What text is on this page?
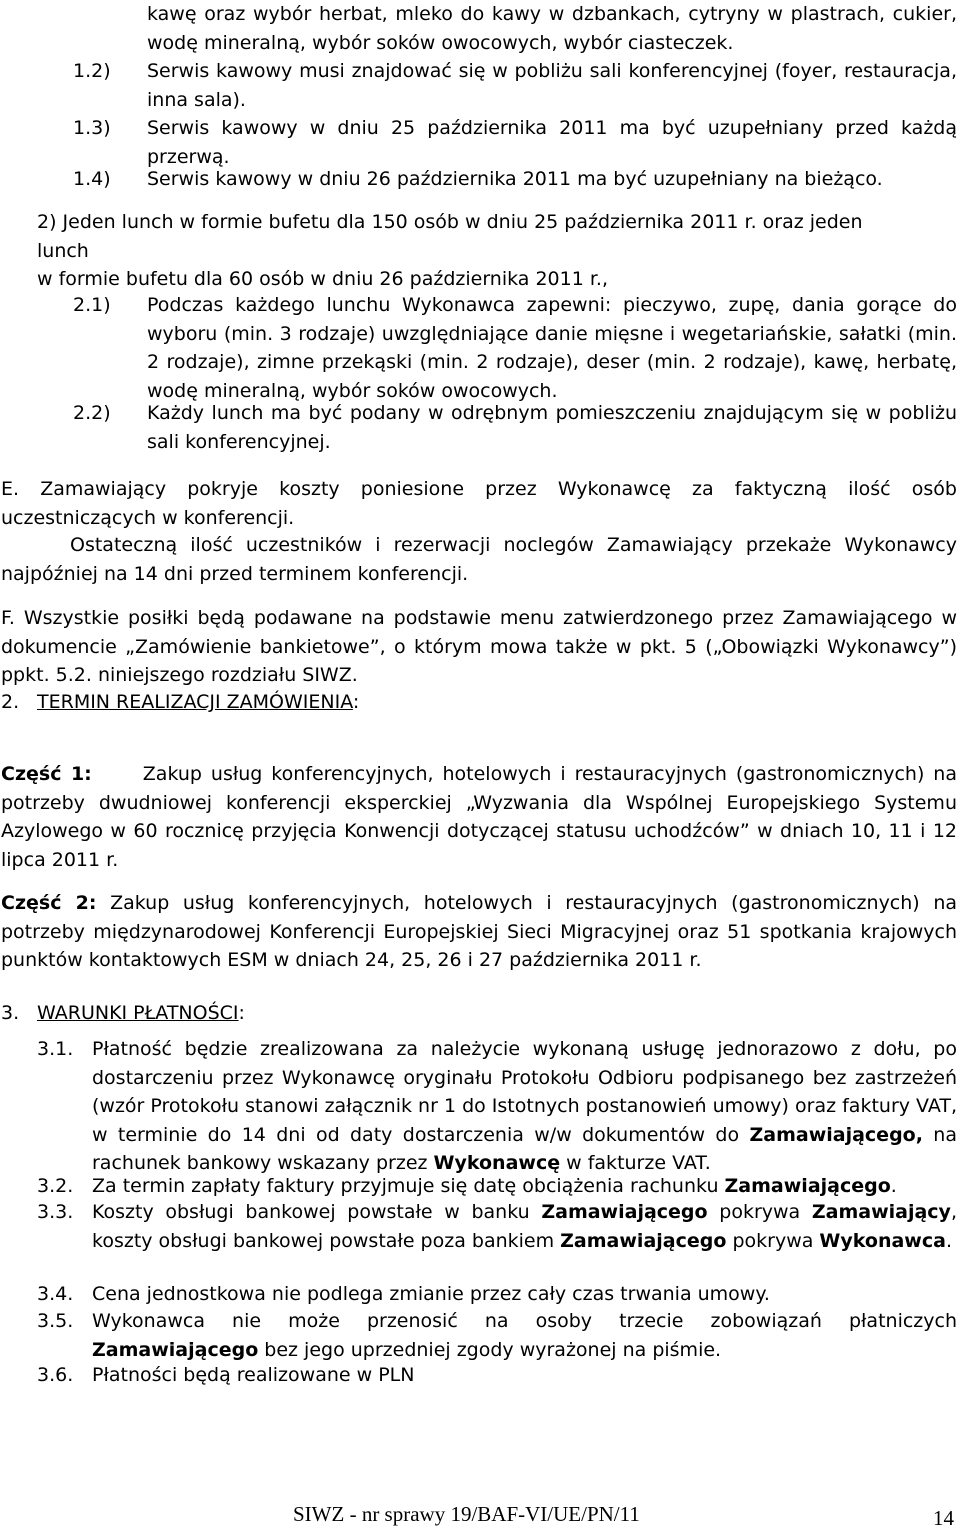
kawę oraz wybór herbat, mleko do kawy w dzbankach, cytryny w plastrach, cukier, wodę mineralną, wybór soków owocowych, wybór ciasteczek.
1.2) Serwis kawowy musi znajdować się w pobliżu sali konferencyjnej (foyer, restauracja, inna sala).
1.3) Serwis kawowy w dniu 25 października 2011 ma być uzupełniany przed każdą przerwą.
1.4) Serwis kawowy w dniu 26 października 2011 ma być uzupełniany na bieżąco.
2) Jeden lunch w formie bufetu dla 150 osób w dniu 25 października 2011 r. oraz jeden
lunch
w formie bufetu dla 60 osób w dniu 26 października 2011 r.,
2.1) Podczas każdego lunchu Wykonawca zapewni: pieczywo, zupę, dania gorące do wyboru (min. 3 rodzaje) uwzględniające danie mięsne i wegetariańskie, sałatki (min. 2 rodzaje), zimne przekąski (min. 2 rodzaje), deser (min. 2 rodzaje), kawę, herbatę, wodę mineralną, wybór soków owocowych.
2.2) Każdy lunch ma być podany w odrębnym pomieszczeniu znajdującym się w pobliżu sali konferencyjnej.
E. Zamawiający pokryje koszty poniesione przez Wykonawcę za faktyczną ilość osób uczestniczących w konferencji.
Ostateczną ilość uczestników i rezerwacji noclegów Zamawiający przekaże Wykonawcy najpóźniej na 14 dni przed terminem konferencji.
F. Wszystkie posiłki będą podawane na podstawie menu zatwierdzonego przez Zamawiającego w dokumencie „Zamówienie bankietowe”, o którym mowa także w pkt. 5 („Obowiązki Wykonawcy”) ppkt. 5.2. niniejszego rozdziału SIWZ.
2. TERMIN REALIZACJI ZAMÓWIENIA:
Część 1:	Zakup usług konferencyjnych, hotelowych i restauracyjnych (gastronomicznych) na potrzeby dwudniowej konferencji eksperckiej „Wyzwania dla Wspólnej Europejskiego Systemu Azylowego w 60 rocznicę przyjęcia Konwencji dotyczącej statusu uchodźców” w dniach 10, 11 i 12 lipca 2011 r.
Część 2: Zakup usług konferencyjnych, hotelowych i restauracyjnych (gastronomicznych) na potrzeby międzynarodowej Konferencji Europejskiej Sieci Migracyjnej oraz 51 spotkania krajowych punktów kontaktowych ESM w dniach 24, 25, 26 i 27 października 2011 r.
3. WARUNKI PŁATNOŚCI:
3.1. Płatność będzie zrealizowana za należycie wykonaną usługę jednorazowo z dołu, po dostarczeniu przez Wykonawcę oryginału Protokołu Odbioru podpisanego bez zastrzeżeń (wzór Protokołu stanowi załącznik nr 1 do Istotnych postanowień umowy) oraz faktury VAT, w terminie do 14 dni od daty dostarczenia w/w dokumentów do Zamawiającego, na rachunek bankowy wskazany przez Wykonawcę w fakturze VAT.
3.2. Za termin zapłaty faktury przyjmuje się datę obciążenia rachunku Zamawiającego.
3.3. Koszty obsługi bankowej powstałe w banku Zamawiającego pokrywa Zamawiający, koszty obsługi bankowej powstałe poza bankiem Zamawiającego pokrywa Wykonawca.
3.4. Cena jednostkowa nie podlega zmianie przez cały czas trwania umowy.
3.5. Wykonawca nie może przenosić na osoby trzecie zobowiązań płatniczych Zamawiającego bez jego uprzedniej zgody wyrażonej na piśmie.
3.6. Płatności będą realizowane w PLN
SIWZ - nr sprawy 19/BAF-VI/UE/PN/11	14
